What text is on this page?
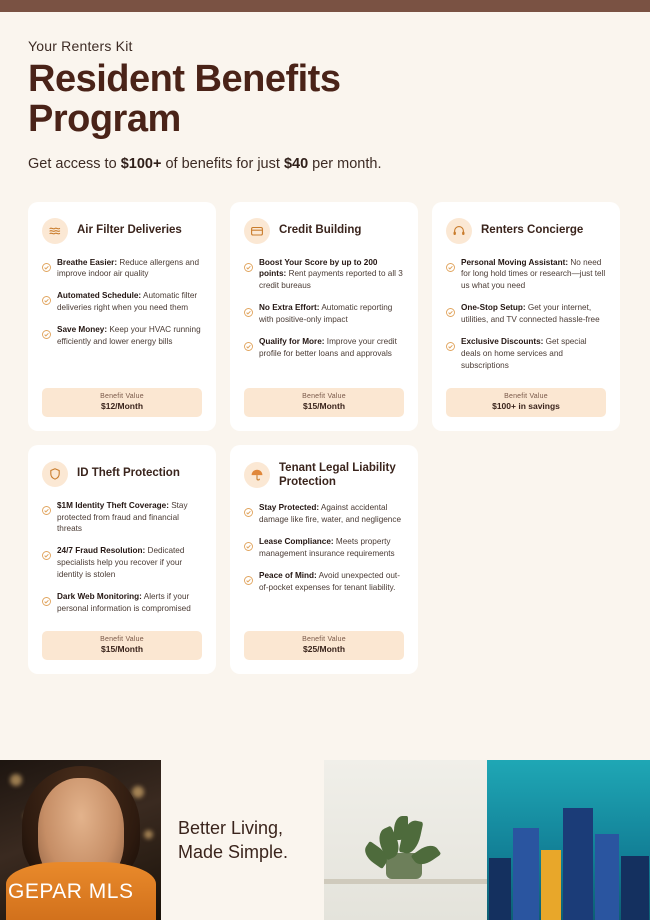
Your Renters Kit
Resident Benefits Program

Get access to $100+ of benefits for just $40 per month.

Air Filter Deliveries
Breathe Easier: Reduce allergens and improve indoor air quality
Automated Schedule: Automatic filter deliveries right when you need them
Save Money: Keep your HVAC running efficiently and lower energy bills
Benefit Value
$12/Month
Credit Building
Boost Your Score by up to 200 points: Rent payments reported to all 3 credit bureaus
No Extra Effort: Automatic reporting with positive-only impact
Qualify for More: Improve your credit profile for better loans and approvals
Benefit Value
$15/Month
Renters Concierge
Personal Moving Assistant: No need for long hold times or research—just tell us what you need
One-Stop Setup: Get your internet, utilities, and TV connected hassle-free
Exclusive Discounts: Get special deals on home services and subscriptions
Benefit Value
$100+ in savings
ID Theft Protection
$1M Identity Theft Coverage: Stay protected from fraud and financial threats
24/7 Fraud Resolution: Dedicated specialists help you recover if your identity is stolen
Dark Web Monitoring: Alerts if your personal information is compromised
Benefit Value
$15/Month
Tenant Legal Liability Protection
Stay Protected: Against accidental damage like fire, water, and negligence
Lease Compliance: Meets property management insurance requirements
Peace of Mind: Avoid unexpected out-of-pocket expenses for tenant liability.
Benefit Value
$25/Month
GEPAR MLS
Better Living,
Made Simple.
